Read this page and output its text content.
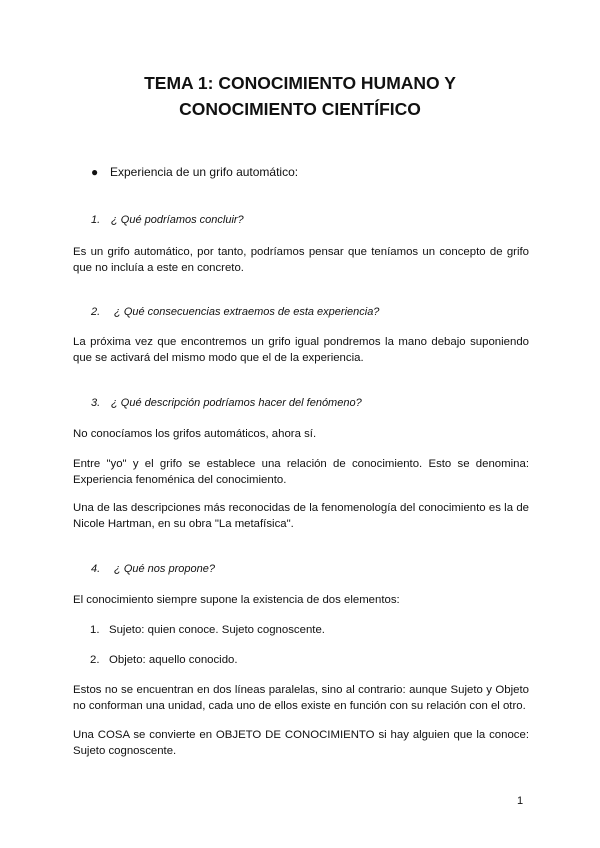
TEMA 1: CONOCIMIENTO HUMANO Y
CONOCIMIENTO CIENTÍFICO
● Experiencia de un grifo automático:
1. ¿ Qué podríamos concluir?

Es un grifo automático, por tanto, podríamos pensar que teníamos un concepto de grifo que no incluía a este en concreto.

2. ¿ Qué consecuencias extraemos de esta experiencia?

La próxima vez que encontremos un grifo igual pondremos la mano debajo suponiendo que se activará del mismo modo que el de la experiencia.

3. ¿ Qué descripción podríamos hacer del fenómeno?

No conocíamos los grifos automáticos, ahora sí.

Entre "yo" y el grifo se establece una relación de conocimiento. Esto se denomina: Experiencia fenoménica del conocimiento.

Una de las descripciones más reconocidas de la fenomenología del conocimiento es la de Nicole Hartman, en su obra "La metafísica".

4. ¿ Qué nos propone?

El conocimiento siempre supone la existencia de dos elementos:

1. Sujeto: quien conoce. Sujeto cognoscente.
2. Objeto: aquello conocido.

Estos no se encuentran en dos líneas paralelas, sino al contrario: aunque Sujeto y Objeto no conforman una unidad, cada uno de ellos existe en función con su relación con el otro.

Una COSA se convierte en OBJETO DE CONOCIMIENTO si hay alguien que la conoce: Sujeto cognoscente.

1
